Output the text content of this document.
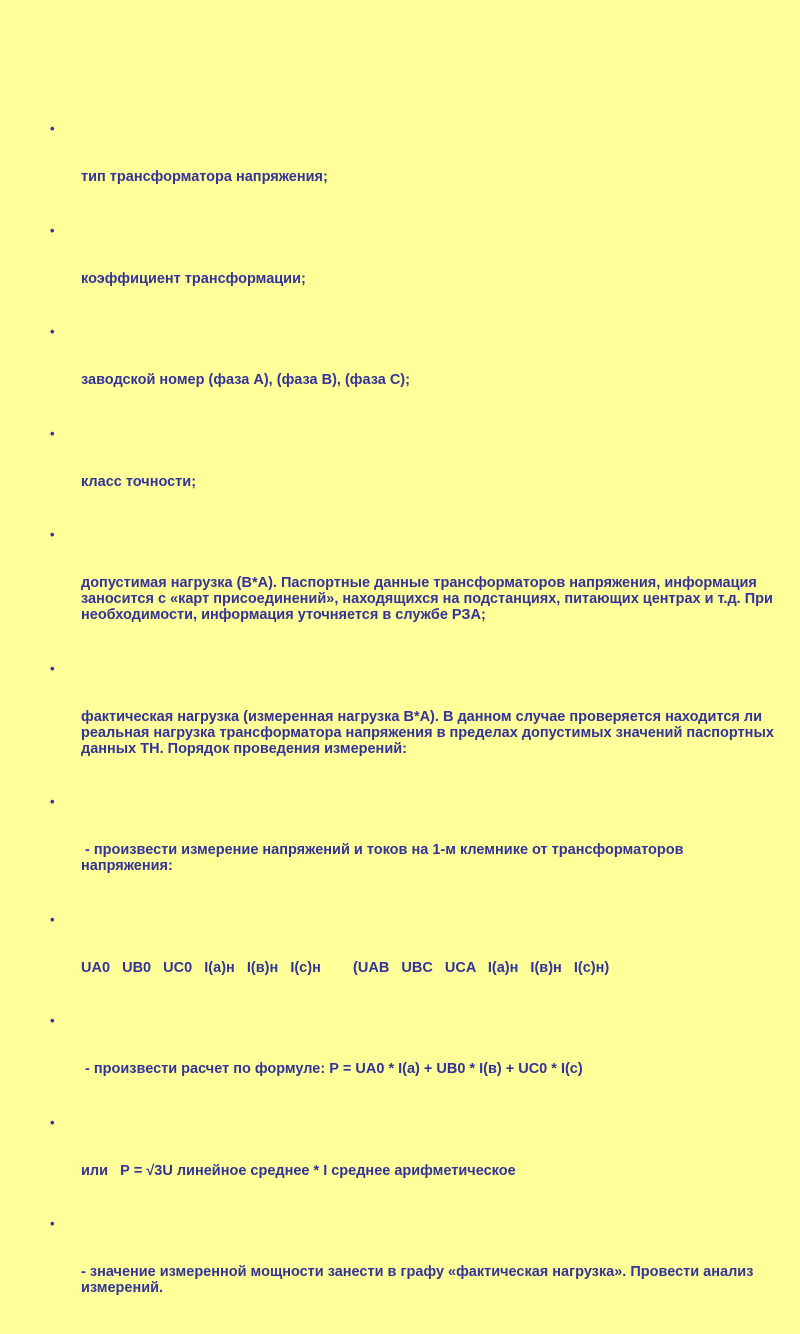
•

тип трансформатора напряжения;

•

коэффициент трансформации;

•

заводской номер (фаза А), (фаза В), (фаза С);

•

класс точности;

•

допустимая нагрузка (В*А). Паспортные данные трансформаторов напряжения, информация заносится с «карт присоединений», находящихся на подстанциях, питающих центрах и т.д. При необходимости, информация уточняется в службе РЗА;

•

фактическая нагрузка (измеренная нагрузка В*А). В данном случае проверяется находится ли реальная нагрузка трансформатора напряжения в пределах допустимых значений паспортных данных ТН. Порядок проведения измерений:

•

- произвести измерение напряжений и токов на 1-м клемнике от трансформаторов напряжения:

•

UA0   UB0   UC0   I(а)н   I(в)н   I(с)н        (UAB   UBC   UCA   I(а)н   I(в)н   I(с)н)

•

- произвести расчет по формуле: Р = UA0 * I(а) + UB0 * I(в) + UC0 * I(с)

•

или   Р = √3U линейное среднее * I среднее арифметическое

•

- значение измеренной мощности занести в графу «фактическая нагрузка». Провести анализ измерений.
